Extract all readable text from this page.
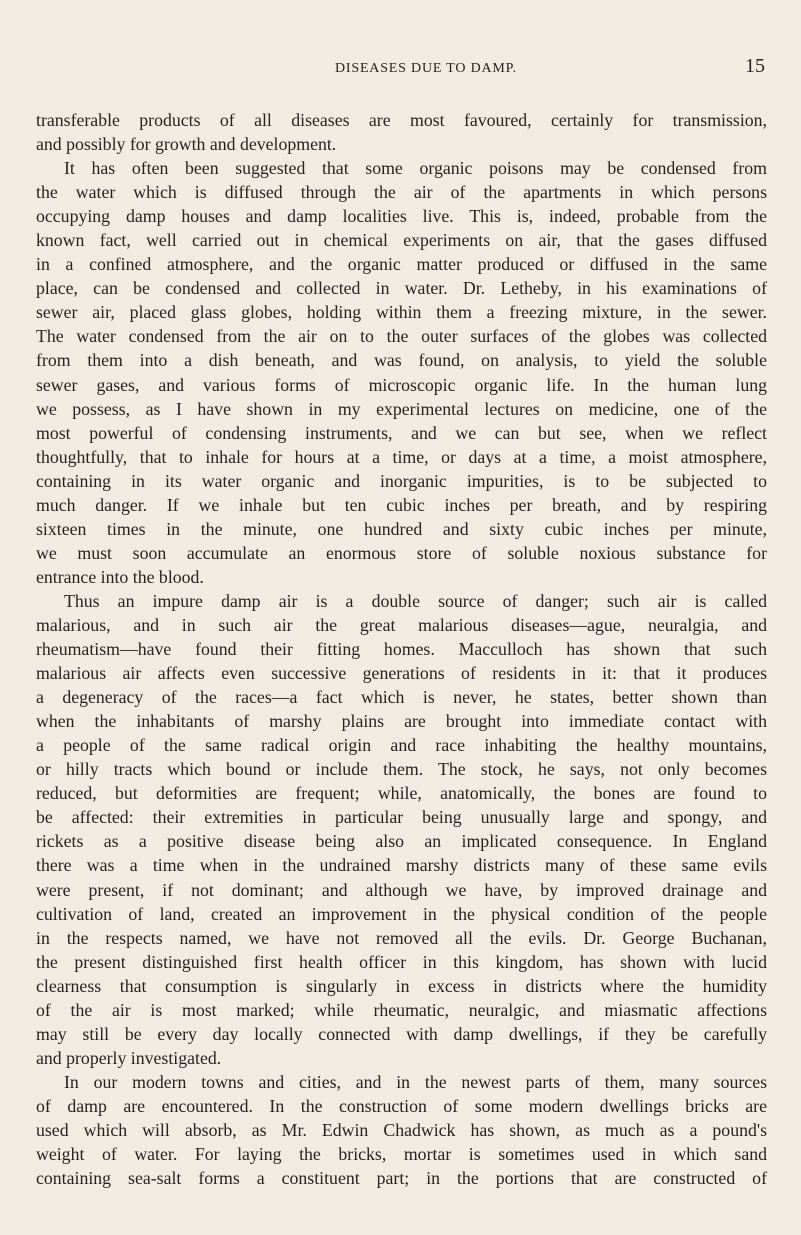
DISEASES DUE TO DAMP.	15
transferable products of all diseases are most favoured, certainly for transmission,
and possibly for growth and development.
It has often been suggested that some organic poisons may be condensed from
the water which is diffused through the air of the apartments in which persons
occupying damp houses and damp localities live. This is, indeed, probable from the
known fact, well carried out in chemical experiments on air, that the gases diffused
in a confined atmosphere, and the organic matter produced or diffused in the same
place, can be condensed and collected in water. Dr. Letheby, in his examinations of
sewer air, placed glass globes, holding within them a freezing mixture, in the sewer.
The water condensed from the air on to the outer surfaces of the globes was collected
from them into a dish beneath, and was found, on analysis, to yield the soluble
sewer gases, and various forms of microscopic organic life. In the human lung
we possess, as I have shown in my experimental lectures on medicine, one of the
most powerful of condensing instruments, and we can but see, when we reflect
thoughtfully, that to inhale for hours at a time, or days at a time, a moist atmosphere,
containing in its water organic and inorganic impurities, is to be subjected to
much danger. If we inhale but ten cubic inches per breath, and by respiring
sixteen times in the minute, one hundred and sixty cubic inches per minute,
we must soon accumulate an enormous store of soluble noxious substance for
entrance into the blood.
Thus an impure damp air is a double source of danger; such air is called
malarious, and in such air the great malarious diseases—ague, neuralgia, and
rheumatism—have found their fitting homes. Macculloch has shown that such
malarious air affects even successive generations of residents in it: that it produces
a degeneracy of the races—a fact which is never, he states, better shown than
when the inhabitants of marshy plains are brought into immediate contact with
a people of the same radical origin and race inhabiting the healthy mountains,
or hilly tracts which bound or include them. The stock, he says, not only becomes
reduced, but deformities are frequent; while, anatomically, the bones are found to
be affected: their extremities in particular being unusually large and spongy, and
rickets as a positive disease being also an implicated consequence. In England
there was a time when in the undrained marshy districts many of these same evils
were present, if not dominant; and although we have, by improved drainage and
cultivation of land, created an improvement in the physical condition of the people
in the respects named, we have not removed all the evils. Dr. George Buchanan,
the present distinguished first health officer in this kingdom, has shown with lucid
clearness that consumption is singularly in excess in districts where the humidity
of the air is most marked; while rheumatic, neuralgic, and miasmatic affections
may still be every day locally connected with damp dwellings, if they be carefully
and properly investigated.
In our modern towns and cities, and in the newest parts of them, many sources
of damp are encountered. In the construction of some modern dwellings bricks are
used which will absorb, as Mr. Edwin Chadwick has shown, as much as a pound's
weight of water. For laying the bricks, mortar is sometimes used in which sand
containing sea-salt forms a constituent part; in the portions that are constructed of
